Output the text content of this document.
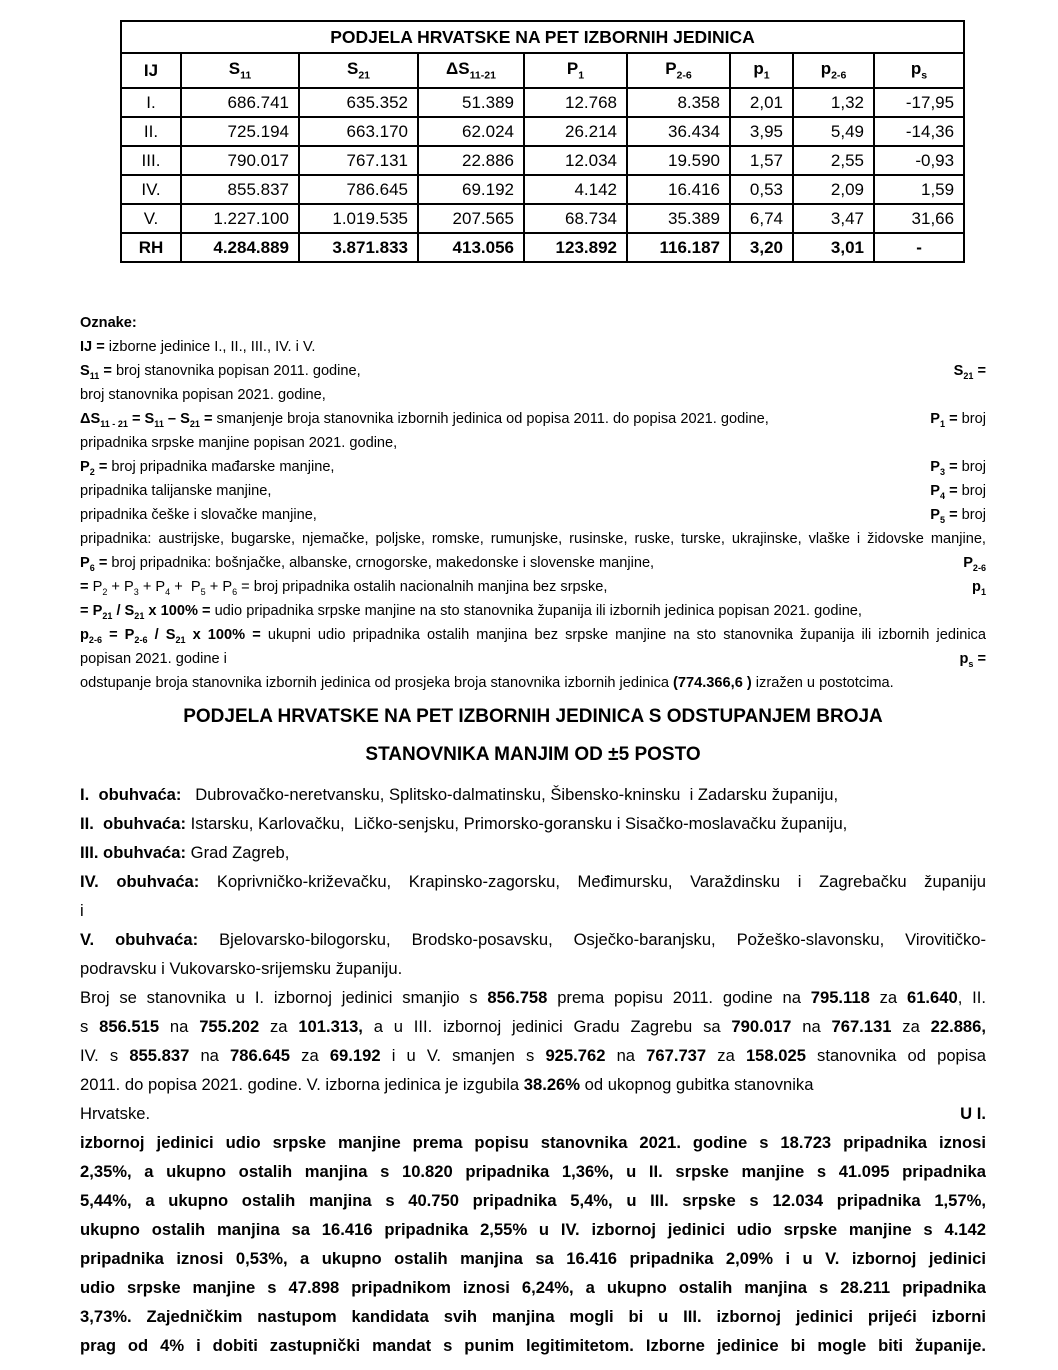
PODJELA HRVATSKE NA PET IZBORNIH JEDINICA								
IJ	$S_{11}$	$S_{21}$	$\Delta S_{11-21}$	$P_1$	$P_{2-6}$	$p_1$	$p_{2-6}$	$p_s$
I.	686.741	635.352	51.389	12.768	8.358	2,01	1,32	-17,95
II.	725.194	663.170	62.024	26.214	36.434	3,95	5,49	-14,36
III.	790.017	767.131	22.886	12.034	19.590	1,57	2,55	-0,93
IV.	855.837	786.645	69.192	4.142	16.416	0,53	2,09	1,59
V.	1.227.100	1.019.535	207.565	68.734	35.389	6,74	3,47	31,66
RH	4.284.889	3.871.833	413.056	123.892	116.187	3,20	3,01	-
Oznake:
IJ = izborne jedinice I., II., III., IV. i V.
$S_{11}$ = broj stanovnika popisan 2011. godine,	$S_{21}$ =
broj stanovnika popisan 2021. godine,
$\Delta S_{11 - 21} = S_{11} - S_{21}$ = smanjenje broja stanovnika izbornih jedinica od popisa 2011. do popisa 2021. godine,	$P_1$ = broj
pripadnika srpske manjine popisan 2021. godine,
$P_2$ = broj pripadnika mađarske manjine,	$P_3$ = broj
pripadnika talijanske manjine,	$P_4$ = broj
pripadnika češke i slovačke manjine,	$P_5$ = broj
pripadnika: austrijske, bugarske, njemačke, poljske, romske, rumunjske, rusinske, ruske, turske, ukrajinske, vlaške i židovske manjine,
$P_6$ = broj pripadnika: bošnjačke, albanske, crnogorske, makedonske i slovenske manjine,	$P_{2-6}$
= $P_2 + P_3 + P_4 + P_5 + P_6$ = broj pripadnika ostalih nacionalnih manjina bez srpske,	$p_1$
= $P_{21} / S_{21}$ x 100% = udio pripadnika srpske manjine na sto stanovnika županija ili izbornih jedinica popisan 2021. godine,
$p_{2-6} = P_{2-6} / S_{21}$ x 100% = ukupni udio pripadnika ostalih manjina bez srpske manjine na sto stanovnika županija ili izbornih jedinica
popisan 2021. godine i	$p_s$ =
odstupanje broja stanovnika izbornih jedinica od prosjeka broja stanovnika izbornih jedinica (774.366,6 ) izražen u postotcima.
PODJELA HRVATSKE NA PET IZBORNIH JEDINICA S ODSTUPANJEM BROJA
STANOVNIKA MANJIM OD ±5 POSTO
I.  obuhvaća:   Dubrovačko-neretvansku, Splitsko-dalmatinsku, Šibensko-kninsku  i Zadarsku županiju,
II.  obuhvaća: Istarsku, Karlovačku,  Ličko-senjsku, Primorsko-goransku i Sisačko-moslavačku županiju,
III. obuhvaća: Grad Zagreb,
IV. obuhvaća: Koprivničko-križevačku, Krapinsko-zagorsku, Međimursku, Varaždinsku i Zagrebačku županiju
i
V. obuhvaća: Bjelovarsko-bilogorsku, Brodsko-posavsku, Osječko-baranjsku, Požeško-slavonsku, Virovitičko-
podravsku i Vukovarsko-srijemsku županiju.
Broj se stanovnika u I. izbornoj jedinici smanjio s 856.758 prema popisu 2011. godine na 795.118 za 61.640, II.
s 856.515 na 755.202 za 101.313, a u III. izbornoj jedinici Gradu Zagrebu sa 790.017 na 767.131 za 22.886,
IV. s 855.837 na 786.645 za 69.192 i u V. smanjen s 925.762 na 767.737 za 158.025 stanovnika od popisa
2011. do popisa 2021. godine. V. izborna jedinica je izgubila 38.26% od ukopnog gubitka stanovnika
Hrvatske.	U I.
izbornoj jedinici udio srpske manjine prema popisu stanovnika 2021. godine s 18.723 pripadnika iznosi
2,35%, a ukupno ostalih manjina s 10.820 pripadnika 1,36%, u II. srpske manjine s 41.095 pripadnika
5,44%, a ukupno ostalih manjina s 40.750 pripadnika 5,4%, u III. srpske s 12.034 pripadnika 1,57%,
ukupno ostalih manjina sa 16.416 pripadnika 2,55% u IV. izbornoj jedinici udio srpske manjine s 4.142
pripadnika iznosi 0,53%, a ukupno ostalih manjina sa 16.416 pripadnika 2,09% i u V. izbornoj jedinici
udio srpske manjine s 47.898 pripadnikom iznosi 6,24%, a ukupno ostalih manjina s 28.211 pripadnika
3,73%. Zajedničkim nastupom kandidata svih manjina mogli bi u III. izbornoj jedinici prijeći izborni
prag od 4% i dobiti zastupnički mandat s punim legitimitetom. Izborne jedinice bi mogle biti županije.
